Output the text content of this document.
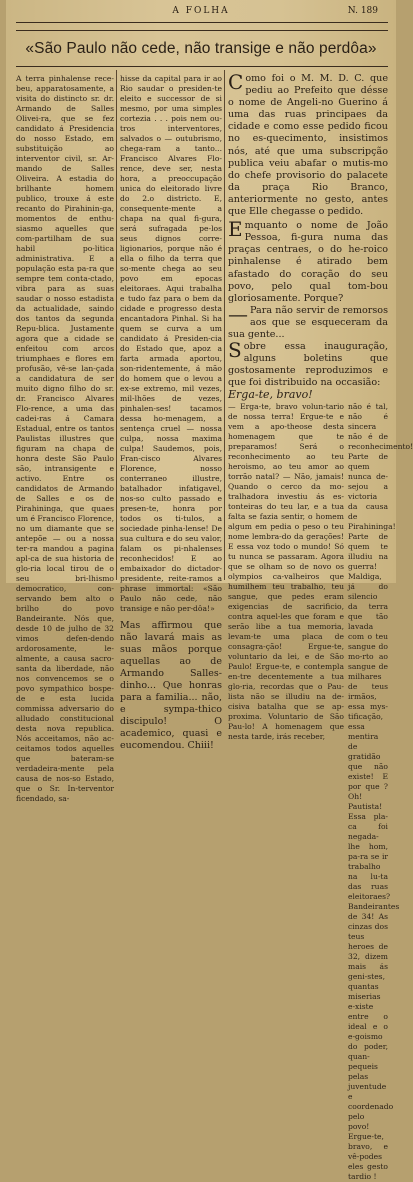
A FOLHA	N. 189
«São Paulo não cede, não transige e não perdôa»

A terra pinhalense rece-beu, apparatosamente, a visita do distincto sr. dr. Armando de Salles Olivei-ra, que se fez candidato á Presidencia do nosso Estado, em substituição ao interventor civil, sr. Ar-mando de Salles Oliveira. A estadia do brilhante homem publico, trouxe á este recanto do Pirahinin-ga, momentos de enthu-siasmo aquelles que com-partilham de sua habil po-litica administrativa. E a população esta pa-ra que sempre tem conta-ctado, vibra para as suas saudar o nosso estadista da actualidade, saindo dos tantos da segunda Repu-blica. Justamente agora que a cidade se enfeitou com arcos triumphaes e flores em profusão, vê-se lan-çada a candidatura de ser muito digno filho do sr. dr. Francisco Alvares Flo-rence, a uma das cadei-ras á Camara Estadual, entre os tantos Paulistas illustres que figuram na chapa de honra deste São Paulo são, intransigente e activo. Entre os candidatos de Armando de Salles e os de Pirahininga, que quaes um é Francisco Florence, no um diamante que se antepõe — ou a nossa ter-ra mandou a pagina apl-ca de sua historia de glo-ria local tirou de o seu bri-lhismo democratico, con-servando bem alto o brilho do povo Bandeirante. Nós que, desde 10 de julho de 32 vimos defen-dendo ardorosamente, le-almente, a causa sacro-santa da liberdade, não nos convencemos se o povo sympathico bospe-de e esta lucida commissa adversario do alludado constitucional desta nova republica. Nós acceitamos, não ac-ceitamos todos aquelles que bateram-se verdadeira-mente pela causa de nos-so Estado, que o Sr. In-terventor ficendado, sa-

hisse da capital para ir ao Rio saudar o presiden-te eleito e successor de si mesmo, por uma simples cortezia . . . pois nem ou-tros interventores, salvados o — outubrismo, chega-ram a tanto... Francisco Alvares Flo-rence, deve ser, nesta hora, a preoccupação unica do eleitorado livre do 2.o districto. E, consequente-mente a chapa na qual fi-gura, será sufragada pe-los seus dignos corre-ligionarios, porque não é ella o filho da terra que so-mente chega ao seu povo em epocas eleitoraes. Aqui trabalha e tudo faz para o bem da cidade e progresso desta encantadora Pinhal. Si ha quem se curva a um candidato á Presiden-cia do Estado que, apoz a farta armada aportou, son-ridentemente, á mão do homem que o levou a ex-se extremo, mil vezes, mil-lhões de vezes, pinhalen-ses! tacamos dessa ho-menagem, a sentença cruel — nossa culpa, nossa maxima culpa! Saudemos, pois, Fran-cisco Alvares Florence, nosso conterraneo illustre, batalhador infatigavel, nos-so culto passado e presen-te, honra por todos os ti-tulos, a sociedade pinha-lense! De sua cultura e do seu valor, falam os pi-nhalenses reconhecidos! E ao embaixador do dictador-presidente, reite-ramos a phrase immortal: «São Paulo não cede, não transige e não per-dôa!»

Mas affirmou que não lavará mais as suas mãos porque aquellas ao de Armando Salles-dinho... Que honras para a familia... não, e sympa-thico discipulo! O academico, quasi e eucomendou. Chiii!

Como foi o M. M. D. C. que pediu ao Prefeito que désse o nome de Angeli-no Guerino á uma das ruas principaes da cidade e como esse pedido ficou no es-quecimento, insistimos nós, até que uma subscripção publica veiu abafar o mutis-mo do chefe provisorio do palacete da praça Rio Branco, anteriormente no gesto, antes que Elle chegasse o pedido.

Emquanto o nome de João Pessoa, fi-gura numa das praças centraes, o do he-roico pinhalense é atirado bem afastado do coração do seu povo, pelo qual tom-bou gloriosamente. Porque?

—Para não servir de remorsos aos que se esqueceram da sua gente...

Sobre essa inauguração, alguns boletins que gostosamente reproduzimos e que foi distribuido na occasião:

Erga-te, bravo!
— Erga-te, bravo volun-tario de nossa terra! Ergue-te e vem a apo-theose desta homenagem que te preparamos! Será o reconhecimento ao teu heroismo, ao teu amor ao torrão natal? — Não, jamais! Quando o cerco da mo-tralhadora investiu ás es-tonteiras do teu lar, e a tua falta se fazia sentir, o homem algum em pedia o peso o teu nome lembra-do da gerações! E essa voz todo o mundo! Só tu nunca se passaram. Agora que se olham so de novo os olympios ca-valheiros que humilhem teu trabalho, teu sangue, que pedes eram exigencias de sacrificio, contra aquel-les que foram e serão libe a tua memoria, levam-te uma placa de consagra-ção! Ergue-te, voluntario da lei, e de São Paulo! Ergue-te, e contempla en-tre decentemente a tua glo-ria, recordas que o Pau-lista não se illudiu na de-cisiva batalha que se ap-proxima. Voluntario de São Pau-lo! A homenagem que nesta tarde, irás receber,
não é tal, não é sincera não é de reconhecimento! Parte de quem nunca de-sejou a victoria da causa de Pirahininga! Parte de quem te illudiu na guerra! Maldiga, já do silencio da terra que tão lavada com o teu sangue do mo-rto ao sangue de milhares de teus irmãos, essa mys-tificação, essa mentira de gratidão que não existe! E por que ? Oh! Pautista! Essa pla-ca foi negada-lhe hom, pa-ra se ir trabalho na lu-ta das ruas eleitoraes? Bandeirantes de 34! As cinzas dos teus heroes de 32, dizem mais ás geni-stes, quantas miserias e-xiste entre o ideal e o e-goismo do poder, quan-pequeis pelas juventude e coordenado pelo povo! Ergue-te, bravo, e vê-podes eles gesto tardio !
